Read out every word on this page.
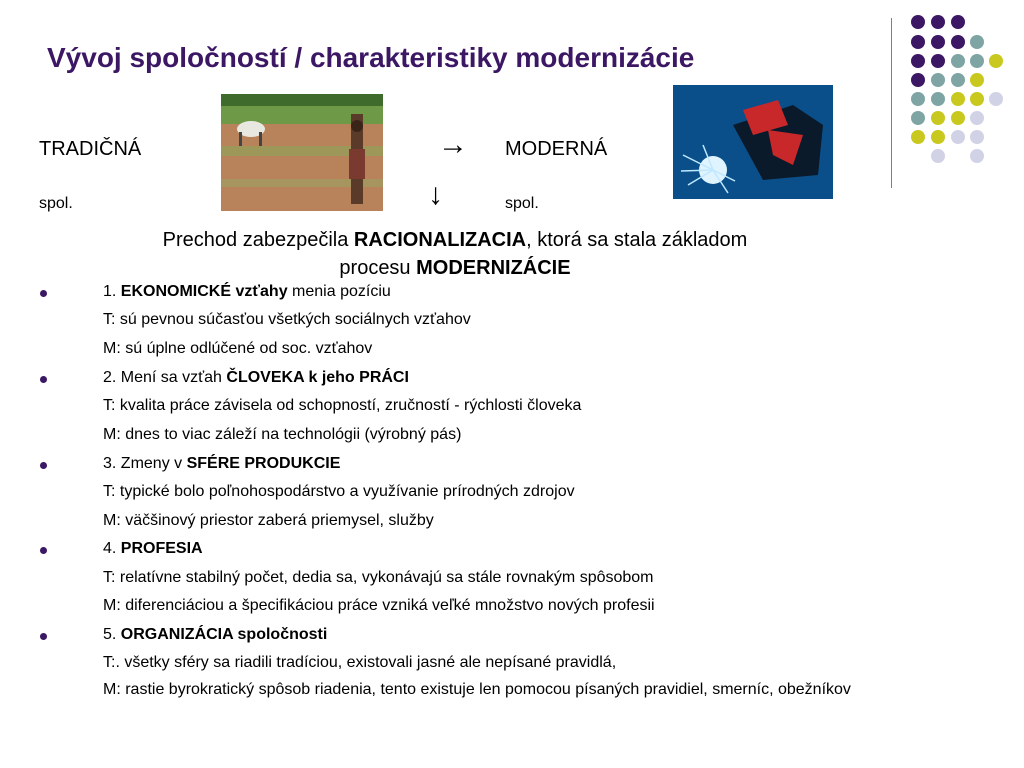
Vývoj spoločností / charakteristiky modernizácie
TRADIČNÁ	MODERNÁ
spol.	spol.
→
↓
Prechod zabezpečila RACIONALIZACIA, ktorá sa stala základom
procesu MODERNIZÁCIE
1. EKONOMICKÉ vzťahy menia pozíciu
T: sú pevnou súčasťou všetkých sociálnych vzťahov
M: sú úplne odlúčené od soc. vzťahov
2. Mení sa vzťah ČLOVEKA k jeho PRÁCI
T: kvalita práce závisela od schopností, zručností - rýchlosti človeka
M: dnes to viac záleží na technológii (výrobný pás)
3. Zmeny v SFÉRE PRODUKCIE
T: typické bolo poľnohospodárstvo a využívanie prírodných zdrojov
M: väčšinový priestor zaberá priemysel, služby
4. PROFESIA
T: relatívne stabilný počet, dedia sa, vykonávajú sa stále rovnakým spôsobom
M: diferenciáciou a špecifikáciou práce vzniká veľké množstvo nových profesii
5. ORGANIZÁCIA spoločnosti
T:. všetky sféry sa riadili tradíciou, existovali jasné ale nepísané pravidlá,
M: rastie byrokratický spôsob riadenia, tento existuje len pomocou písaných pravidiel, smerníc, obežníkov
